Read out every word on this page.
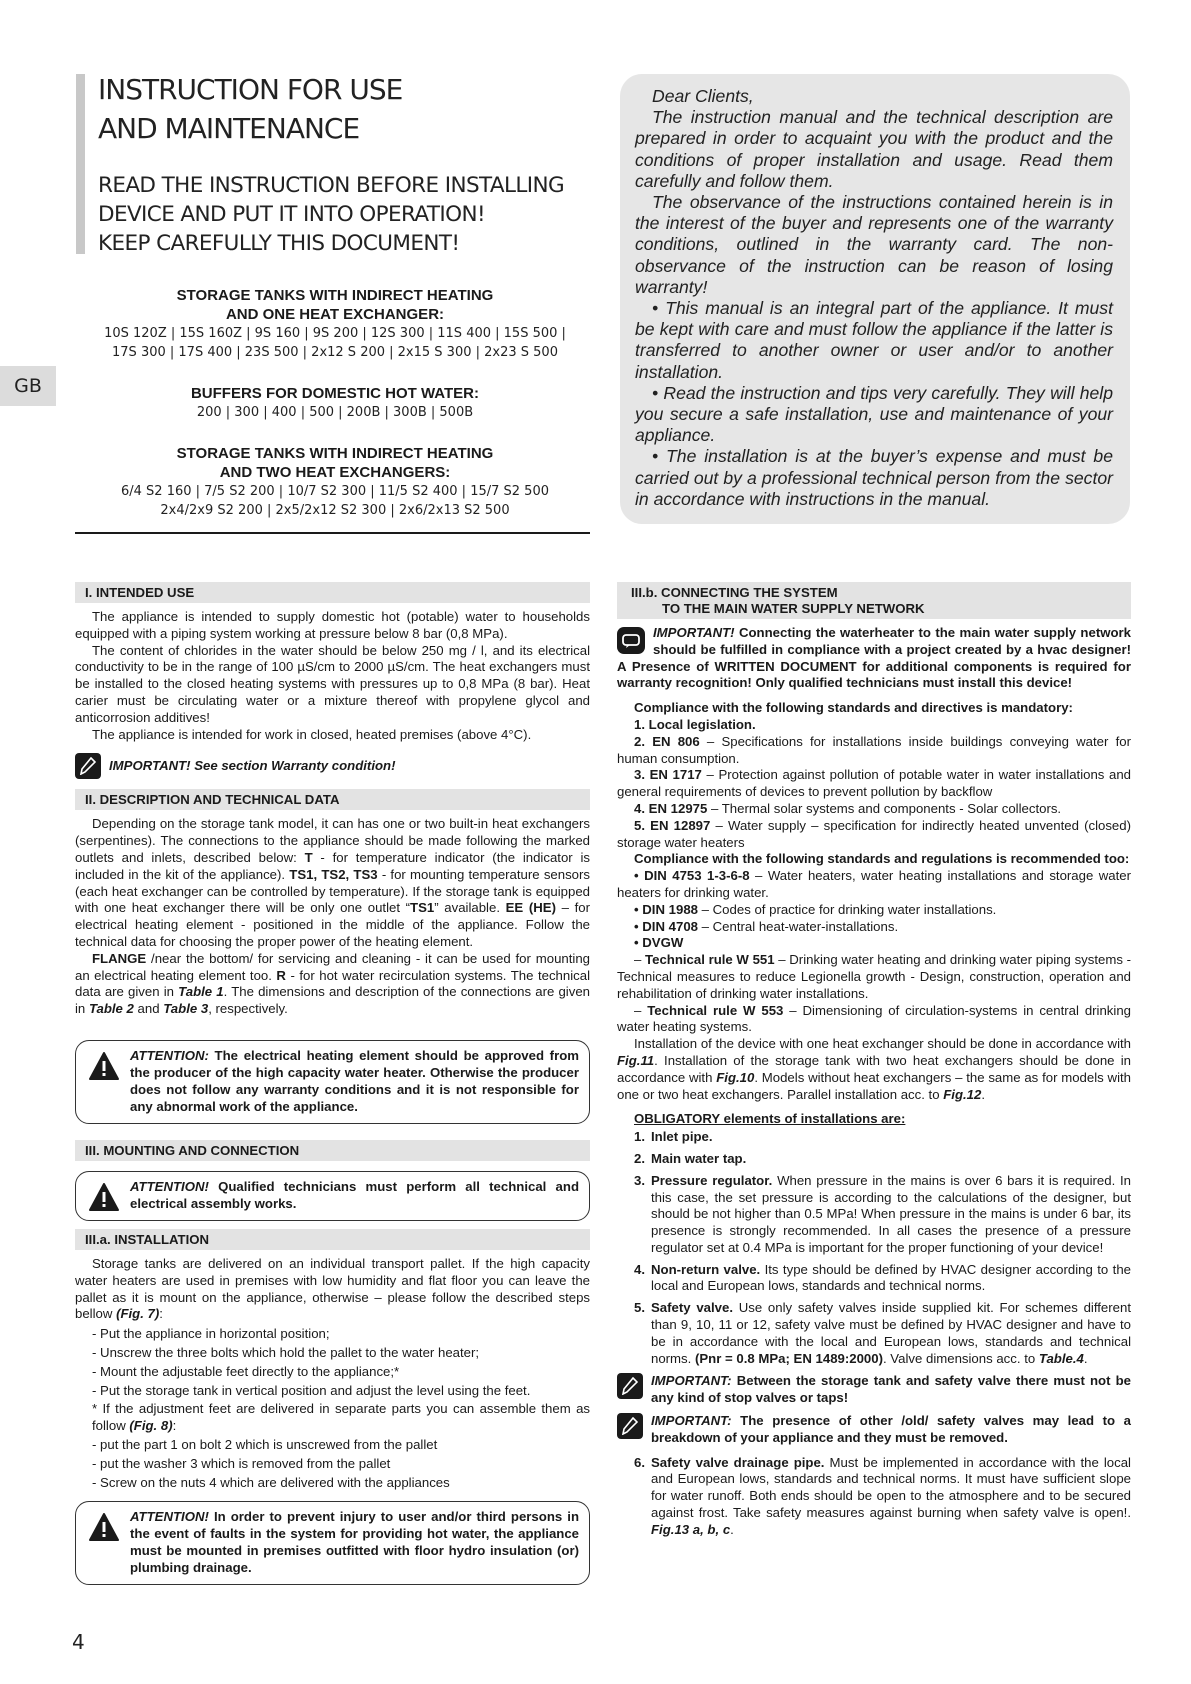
INSTRUCTION FOR USE
AND MAINTENANCE
READ THE INSTRUCTION BEFORE INSTALLING
DEVICE AND PUT IT INTO OPERATION!
KEEP CAREFULLY THIS DOCUMENT!
GB
STORAGE TANKS WITH INDIRECT HEATING
AND ONE HEAT EXCHANGER:
10S 120Z | 15S 160Z | 9S 160 | 9S 200 | 12S 300 | 11S 400 | 15S 500 |
17S 300 | 17S 400 | 23S 500 | 2x12 S 200 | 2x15 S 300 | 2x23 S 500
BUFFERS FOR DOMESTIC HOT WATER:
200 | 300 | 400 | 500 | 200B | 300B | 500B
STORAGE TANKS WITH INDIRECT HEATING
AND TWO HEAT EXCHANGERS:
6/4 S2 160 | 7/5 S2 200 | 10/7 S2 300 | 11/5 S2 400 | 15/7 S2 500
2x4/2x9 S2 200 | 2x5/2x12 S2 300 | 2x6/2x13 S2 500

Dear Clients,

The instruction manual and the technical description are prepared in order to acquaint you with the product and the conditions of proper installation and usage. Read them carefully and follow them.

The observance of the instructions contained herein is in the interest of the buyer and represents one of the warranty conditions, outlined in the warranty card. The non-observance of the instruction can be reason of losing warranty!

• This manual is an integral part of the appliance. It must be kept with care and must follow the appliance if the latter is transferred to another owner or user and/or to another installation.

• Read the instruction and tips very carefully. They will help you secure a safe installation, use and maintenance of your appliance.

• The installation is at the buyer’s expense and must be carried out by a professional technical person from the sector in accordance with instructions in the manual.

I. INTENDED USE

The appliance is intended to supply domestic hot (potable) water to households equipped with a piping system working at pressure below 8 bar (0,8 MPa).

The content of chlorides in the water should be below 250 mg / l, and its electrical conductivity to be in the range of 100 µS/cm to 2000 µS/cm. The heat exchangers must be installed to the closed heating systems with pressures up to 0,8 MPa (8 bar). Heat carier must be circulating water or a mixture thereof with propylene glycol and anticorrosion additives!

The appliance is intended for work in closed, heated premises (above 4°C).

IMPORTANT! See section Warranty condition!
II. DESCRIPTION AND TECHNICAL DATA

Depending on the storage tank model, it can has one or two built-in heat exchangers (serpentines). The connections to the appliance should be made following the marked outlets and inlets, described below: T - for temperature indicator (the indicator is included in the kit of the appliance). TS1, TS2, TS3 - for mounting temperature sensors (each heat exchanger can be controlled by temperature). If the storage tank is equipped with one heat exchanger there will be only one outlet “TS1” available. EE (HE) – for electrical heating element - positioned in the middle of the appliance. Follow the technical data for choosing the proper power of the heating element.

FLANGE /near the bottom/ for servicing and cleaning - it can be used for mounting an electrical heating element too. R - for hot water recirculation systems. The technical data are given in Table 1. The dimensions and description of the connections are given in Table 2 and Table 3, respectively.

ATTENTION: The electrical heating element should be approved from the producer of the high capacity water heater. Otherwise the producer does not follow any warranty conditions and it is not responsible for any abnormal work of the appliance.
III. MOUNTING AND CONNECTION
ATTENTION! Qualified technicians must perform all technical and electrical assembly works.
III.a. INSTALLATION

Storage tanks are delivered on an individual transport pallet. If the high capacity water heaters are used in premises with low humidity and flat floor you can leave the pallet as it is mount on the appliance, otherwise – please follow the described steps bellow (Fig. 7):

- Put the appliance in horizontal position;

- Unscrew the three bolts which hold the pallet to the water heater;

- Mount the adjustable feet directly to the appliance;*

- Put the storage tank in vertical position and adjust the level using the feet.

* If the adjustment feet are delivered in separate parts you can assemble them as follow (Fig. 8):

- put the part 1 on bolt 2 which is unscrewed from the pallet

- put the washer 3 which is removed from the pallet

- Screw on the nuts 4 which are delivered with the appliances

ATTENTION! In order to prevent injury to user and/or third persons in the event of faults in the system for providing hot water, the appliance must be mounted in premises outfitted with floor hydro insulation (or) plumbing drainage.
III.b. CONNECTING THE SYSTEM
TO THE MAIN WATER SUPPLY NETWORK
IMPORTANT! Connecting the waterheater to the main water supply network should be fulfilled in compliance with a project created by a hvac designer! A Presence of WRITTEN DOCUMENT for additional components is required for warranty recognition! Only qualified technicians must install this device!

Compliance with the following standards and directives is mandatory:

1. Local legislation.

2. EN 806 – Specifications for installations inside buildings conveying water for human consumption.

3. EN 1717 – Protection against pollution of potable water in water installations and general requirements of devices to prevent pollution by backflow

4. EN 12975 – Thermal solar systems and components - Solar collectors.

5. EN 12897 – Water supply – specification for indirectly heated unvented (closed) storage water heaters

Compliance with the following standards and regulations is recommended too:

• DIN 4753 1-3-6-8 – Water heaters, water heating installations and storage water heaters for drinking water.

• DIN 1988 – Codes of practice for drinking water installations.

• DIN 4708 – Central heat-water-installations.

• DVGW

– Technical rule W 551 – Drinking water heating and drinking water piping systems - Technical measures to reduce Legionella growth - Design, construction, operation and rehabilitation of drinking water installations.

– Technical rule W 553 – Dimensioning of circulation-systems in central drinking water heating systems.

Installation of the device with one heat exchanger should be done in accordance with Fig.11. Installation of the storage tank with two heat exchangers should be done in accordance with Fig.10. Models without heat exchangers – the same as for models with one or two heat exchangers. Parallel installation acc. to Fig.12.

OBLIGATORY elements of installations are:

1. Inlet pipe.
2. Main water tap.
3. Pressure regulator. When pressure in the mains is over 6 bars it is required. In this case, the set pressure is according to the calculations of the designer, but should be not higher than 0.5 MPa! When pressure in the mains is under 6 bar, its presence is strongly recommended. In all cases the presence of a pressure regulator set at 0.4 MPa is important for the proper functioning of your device!
4. Non-return valve. Its type should be defined by HVAC designer according to the local and European lows, standards and technical norms.
5. Safety valve. Use only safety valves inside supplied kit. For schemes different than 9, 10, 11 or 12, safety valve must be defined by HVAC designer and have to be in accordance with the local and European lows, standards and technical norms. (Pnr = 0.8 MPa; EN 1489:2000). Valve dimensions acc. to Table.4.
IMPORTANT: Between the storage tank and safety valve there must not be any kind of stop valves or taps!
IMPORTANT: The presence of other /old/ safety valves may lead to a breakdown of your appliance and they must be removed.
6. Safety valve drainage pipe. Must be implemented in accordance with the local and European lows, standards and technical norms. It must have sufficient slope for water runoff. Both ends should be open to the atmosphere and to be secured against frost. Take safety measures against burning when safety valve is open!. Fig.13 a, b, c.
4
